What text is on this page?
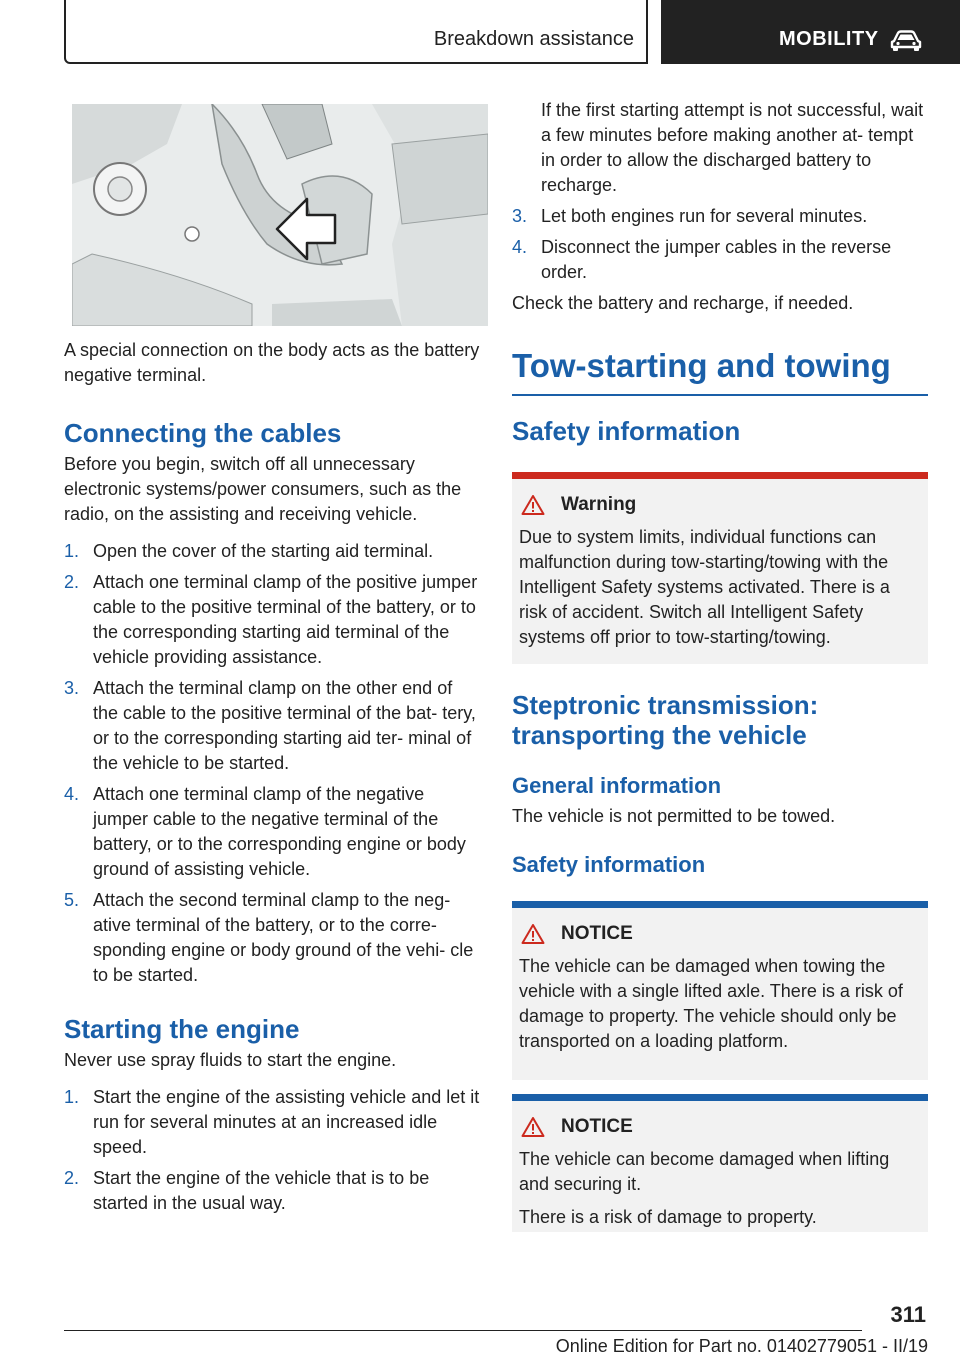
Breakdown assistance	MOBILITY

A special connection on the body acts as the battery negative terminal.

Connecting the cables

Before you begin, switch off all unnecessary electronic systems/power consumers, such as the radio, on the assisting and receiving vehicle.

1. Open the cover of the starting aid terminal.
2. Attach one terminal clamp of the positive jumper cable to the positive terminal of the battery, or to the corresponding starting aid terminal of the vehicle providing assistance.
3. Attach the terminal clamp on the other end of the cable to the positive terminal of the bat‐ tery, or to the corresponding starting aid ter‐ minal of the vehicle to be started.
4. Attach one terminal clamp of the negative jumper cable to the negative terminal of the battery, or to the corresponding engine or body ground of assisting vehicle.
5. Attach the second terminal clamp to the neg‐ ative terminal of the battery, or to the corre‐ sponding engine or body ground of the vehi‐ cle to be started.
Starting the engine

Never use spray fluids to start the engine.

1. Start the engine of the assisting vehicle and let it run for several minutes at an increased idle speed.
2. Start the engine of the vehicle that is to be started in the usual way.

If the first starting attempt is not successful, wait a few minutes before making another at‐ tempt in order to allow the discharged battery to recharge.

3. Let both engines run for several minutes.
4. Disconnect the jumper cables in the reverse order.

Check the battery and recharge, if needed.

Tow-starting and towing
Safety information
Warning

Due to system limits, individual functions can malfunction during tow-starting/towing with the Intelligent Safety systems activated. There is a risk of accident. Switch all Intelligent Safety systems off prior to tow-starting/towing.

Steptronic transmission: transporting the vehicle
General information

The vehicle is not permitted to be towed.

Safety information
NOTICE

The vehicle can be damaged when towing the vehicle with a single lifted axle. There is a risk of damage to property. The vehicle should only be transported on a loading platform.

NOTICE

The vehicle can become damaged when lifting and securing it.

There is a risk of damage to property.

311
Online Edition for Part no. 01402779051 - II/19
